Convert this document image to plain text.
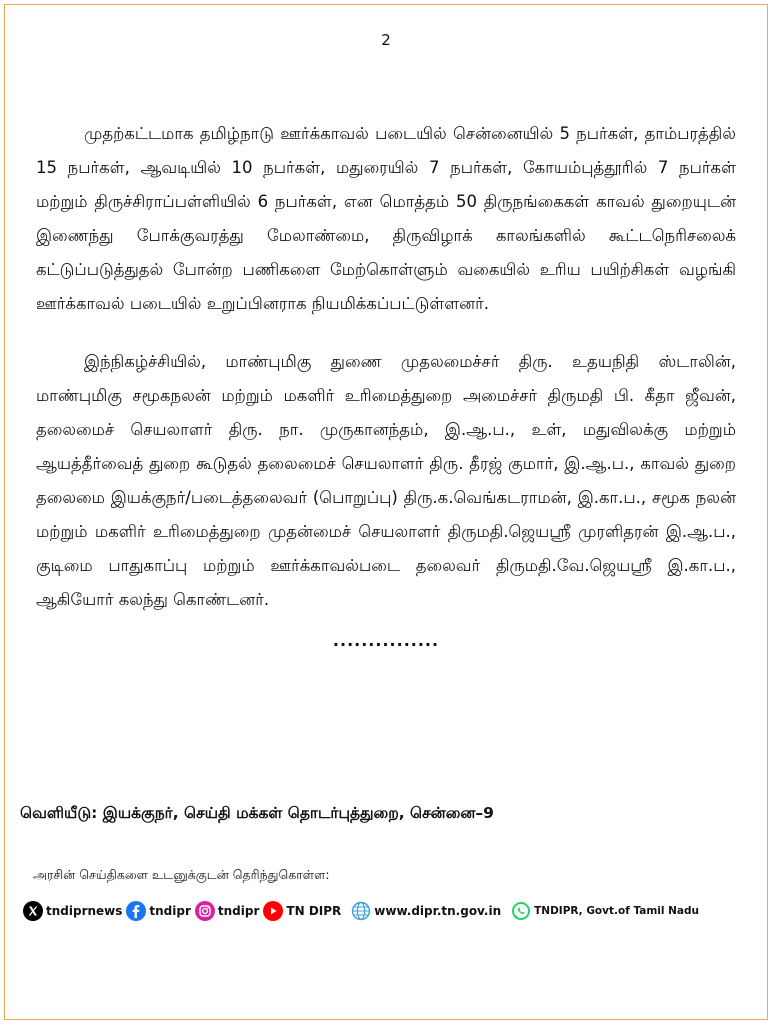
2

முதற்கட்டமாக தமிழ்நாடு ஊர்க்காவல் படையில் சென்னையில் 5 நபர்கள், தாம்பரத்தில் 15 நபர்கள், ஆவடியில் 10 நபர்கள், மதுரையில் 7 நபர்கள், கோயம்புத்தூரில் 7 நபர்கள் மற்றும் திருச்சிராப்பள்ளியில் 6 நபர்கள், என மொத்தம் 50 திருநங்கைகள் காவல் துறையுடன் இணைந்து போக்குவரத்து மேலாண்மை, திருவிழாக் காலங்களில் கூட்டநெரிசலைக் கட்டுப்படுத்துதல் போன்ற பணிகளை மேற்கொள்ளும் வகையில் உரிய பயிற்சிகள் வழங்கி ஊர்க்காவல் படையில் உறுப்பினராக நியமிக்கப்பட்டுள்ளனர்.

இந்நிகழ்ச்சியில், மாண்புமிகு துணை முதலமைச்சர் திரு. உதயநிதி ஸ்டாலின், மாண்புமிகு சமூகநலன் மற்றும் மகளிர் உரிமைத்துறை அமைச்சர் திருமதி பி. கீதா ஜீவன், தலைமைச் செயலாளர் திரு. நா. முருகானந்தம், இ.ஆ.ப., உள், மதுவிலக்கு மற்றும் ஆயத்தீர்வைத் துறை கூடுதல் தலைமைச் செயலாளர் திரு. தீரஜ் குமார், இ.ஆ.ப., காவல் துறை தலைமை இயக்குநர்/படைத்தலைவர் (பொறுப்பு) திரு.க.வெங்கடராமன், இ.கா.ப., சமூக நலன் மற்றும் மகளிர் உரிமைத்துறை முதன்மைச் செயலாளர் திருமதி.ஜெயஸ்ரீ முரளிதரன் இ.ஆ.ப., குடிமை பாதுகாப்பு மற்றும் ஊர்க்காவல்படை தலைவர் திருமதி.வே.ஜெயஸ்ரீ இ.கா.ப., ஆகியோர் கலந்து கொண்டனர்.

...............
வெளியீடு: இயக்குநர், செய்தி மக்கள் தொடர்புத்துறை, சென்னை–9
அரசின் செய்திகளை உடனுக்குடன் தெரிந்துகொள்ள:
tndiprnews tndipr tndipr TN DIPR	www.dipr.tn.gov.in	TNDIPR, Govt.of Tamil Nadu
